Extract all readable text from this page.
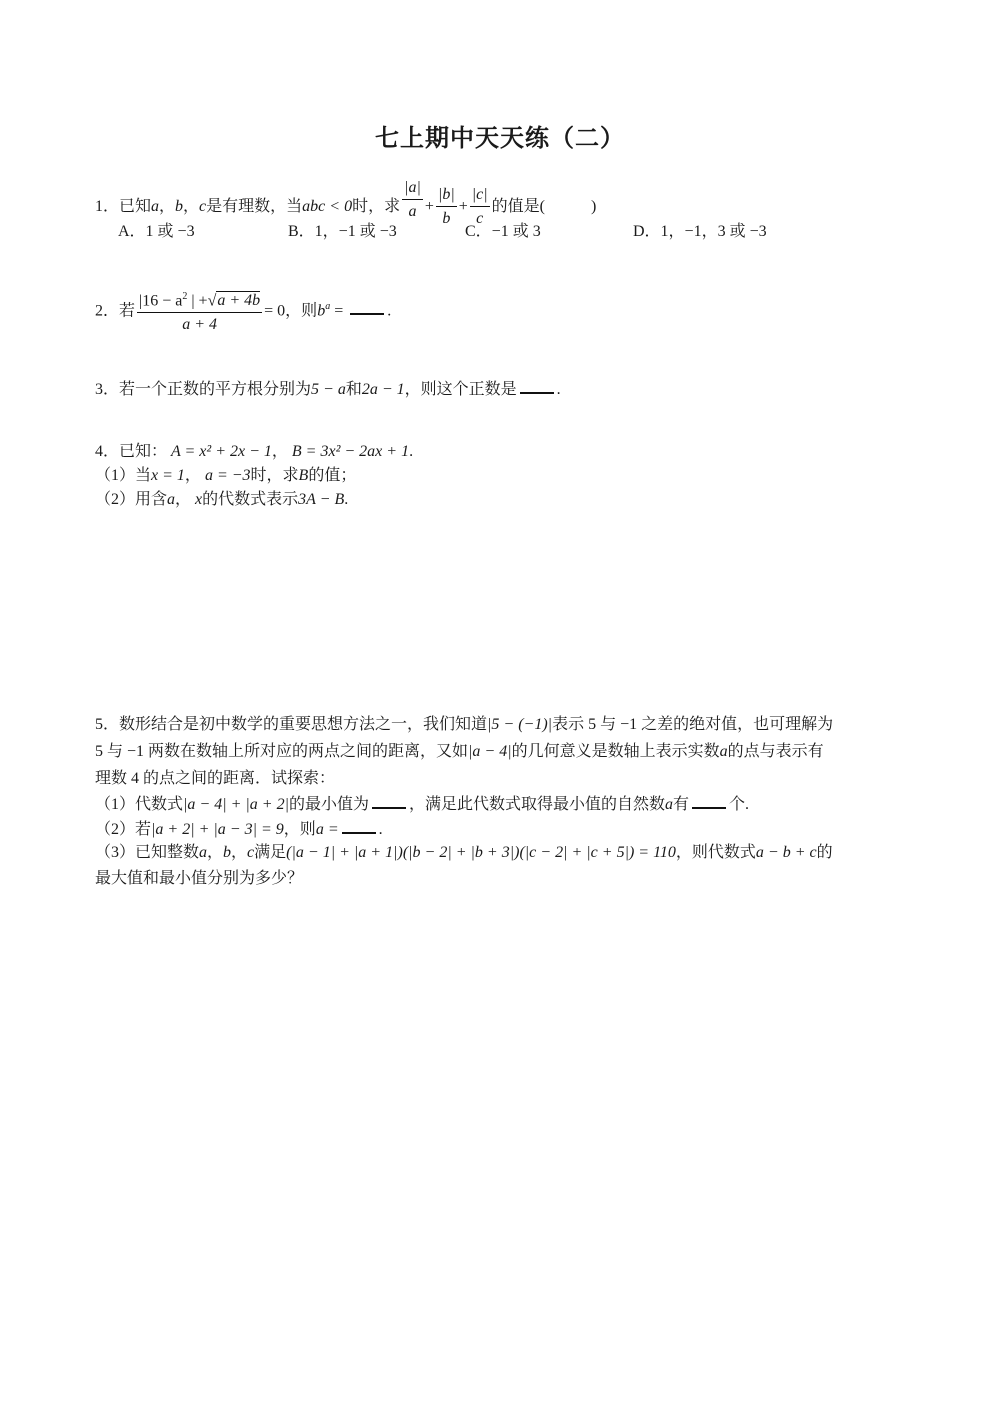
七上期中天天练（二）
1．已知a，b，c是有理数，当abc < 0时，求 $\frac{|a|}{a} + \frac{|b|}{b} + \frac{|c|}{c}$ 的值是(	)
A．1 或 −3	B．1，−1 或 −3	C．−1 或 3	D．1，−1，3 或 −3
2．若 $\frac{|16 - a^2 | +√a + 4b}{a + 4} = 0$，则$b^a$ =	.
3．若一个正数的平方根分别为5 − a和2a − 1，则这个正数是	.
4．已知： A = x² + 2x − 1， B = 3x² − 2ax + 1.
（1）当x = 1， a = −3时，求B的值；
（2）用含a， x的代数式表示3A − B.
5．数形结合是初中数学的重要思想方法之一，我们知道|5 − (−1)|表示 5 与 −1 之差的绝对值，也可理解为
5 与 −1 两数在数轴上所对应的两点之间的距离，又如|a − 4|的几何意义是数轴上表示实数a的点与表示有
理数 4 的点之间的距离．试探索：
（1）代数式|a − 4| + |a + 2|的最小值为	，满足此代数式取得最小值的自然数a有	个.
（2）若|a + 2| + |a − 3| = 9，则a =	.
（3）已知整数a，b，c满足(|a − 1| + |a + 1|)(|b − 2| + |b + 3|)(|c − 2| + |c + 5|) = 110，则代数式a − b + c的
最大值和最小值分别为多少？
